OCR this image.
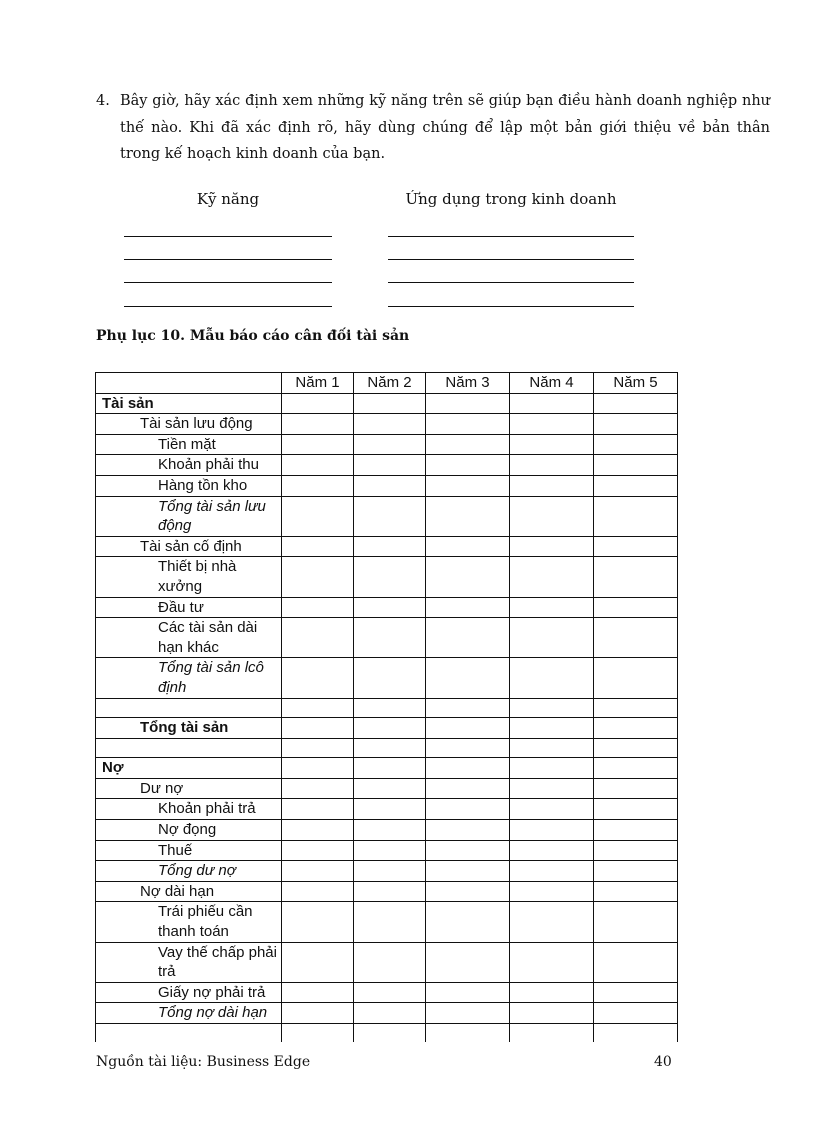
4. Bây giờ, hãy xác định xem những kỹ năng trên sẽ giúp bạn điều hành doanh nghiệp như thế nào. Khi đã xác định rõ, hãy dùng chúng để lập một bản giới thiệu về bản thân trong kế hoạch kinh doanh của bạn.
Kỹ năng	Ứng dụng trong kinh doanh
Phụ lục 10. Mẫu báo cáo cân đối tài sản
	Năm 1	Năm 2	Năm 3	Năm 4	Năm 5
Tài sản					
Tài sản lưu động					
Tiền mặt					
Khoản phải thu					
Hàng tồn kho					
Tổng tài sản lưu động					
Tài sản cố định					
Thiết bị nhà xưởng					
Đầu tư					
Các tài sản dài hạn khác					
Tổng tài sản lcô định					

Tổng tài sản					

Nợ					
Dư nợ					
Khoản phải trả					
Nợ đọng					
Thuế					
Tổng dư nợ					
Nợ dài hạn					
Trái phiếu cần thanh toán					
Vay thế chấp phải trả					
Giấy nợ phải trả					
Tổng nợ dài hạn					

Nguồn tài liệu: Business Edge	40
